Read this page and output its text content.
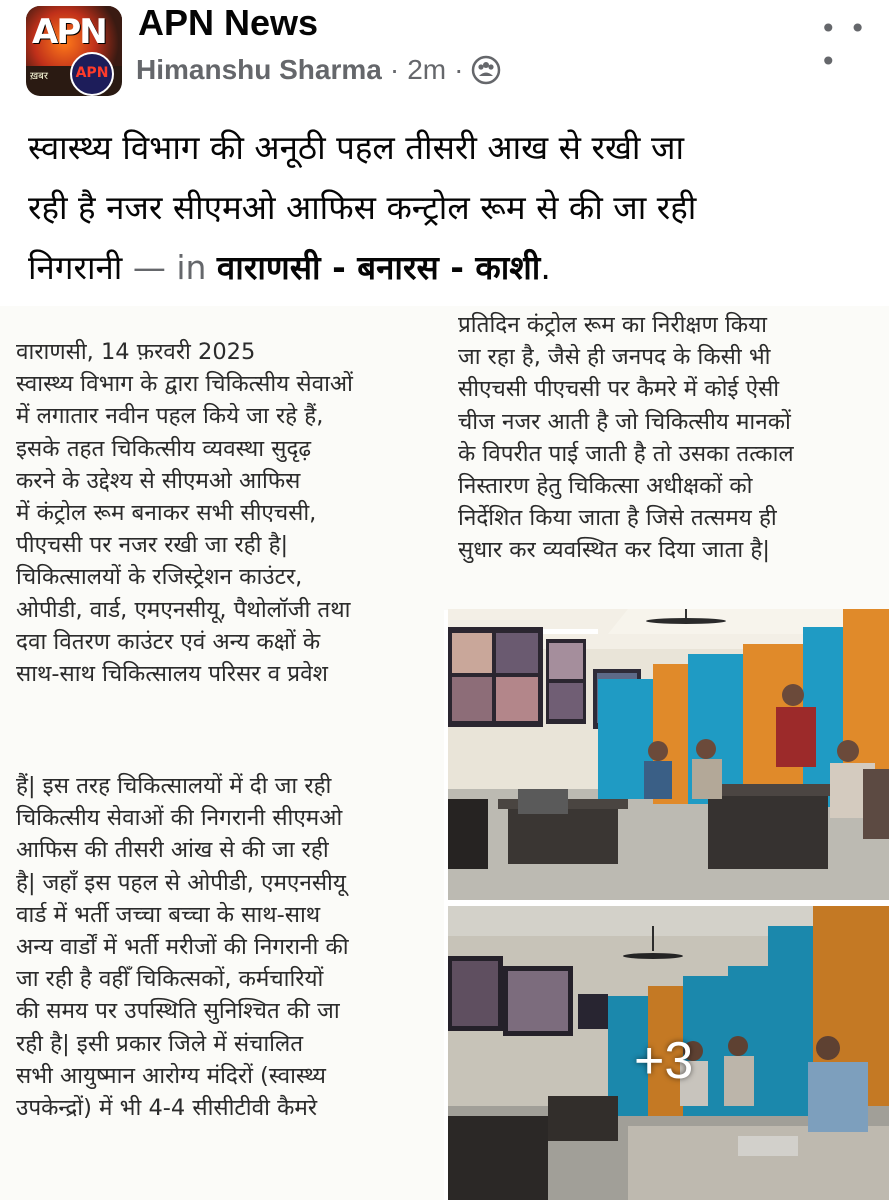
APN
ख़बर APN
APN News
Himanshu Sharma · 2m ·
• • •
स्वास्थ्य विभाग की अनूठी पहल तीसरी आख से रखी जा
रही है नजर सीएमओ आफिस कन्ट्रोल रूम से की जा रही
निगरानी — in वाराणसी - बनारस - काशी.
वाराणसी, 14 फ़रवरी 2025
स्वास्थ्य विभाग के द्वारा चिकित्सीय सेवाओं
में लगातार नवीन पहल किये जा रहे हैं,
इसके तहत चिकित्सीय व्यवस्था सुदृढ़
करने के उद्देश्य से सीएमओ आफिस
में कंट्रोल रूम बनाकर सभी सीएचसी,
पीएचसी पर नजर रखी जा रही है|
चिकित्सालयों के रजिस्ट्रेशन काउंटर,
ओपीडी, वार्ड, एमएनसीयू, पैथोलॉजी तथा
दवा वितरण काउंटर एवं अन्य कक्षों के
साथ-साथ चिकित्सालय परिसर व प्रवेश
हैं| इस तरह चिकित्सालयों में दी जा रही
चिकित्सीय सेवाओं की निगरानी सीएमओ
आफिस की तीसरी आंख से की जा रही
है| जहाँ इस पहल से ओपीडी, एमएनसीयू
वार्ड में भर्ती जच्चा बच्चा के साथ-साथ
अन्य वार्डों में भर्ती मरीजों की निगरानी की
जा रही है वहीँ चिकित्सकों, कर्मचारियों
की समय पर उपस्थिति सुनिश्चित की जा
रही है| इसी प्रकार जिले में संचालित
सभी आयुष्मान आरोग्य मंदिरों (स्वास्थ्य
उपकेन्द्रों) में भी 4-4 सीसीटीवी कैमरे
प्रतिदिन कंट्रोल रूम का निरीक्षण किया
जा रहा है, जैसे ही जनपद के किसी भी
सीएचसी पीएचसी पर कैमरे में कोई ऐसी
चीज नजर आती है जो चिकित्सीय मानकों
के विपरीत पाई जाती है तो उसका तत्काल
निस्तारण हेतु चिकित्सा अधीक्षकों को
निर्देशित किया जाता है जिसे तत्समय ही
सुधार कर व्यवस्थित कर दिया जाता है|
+3
